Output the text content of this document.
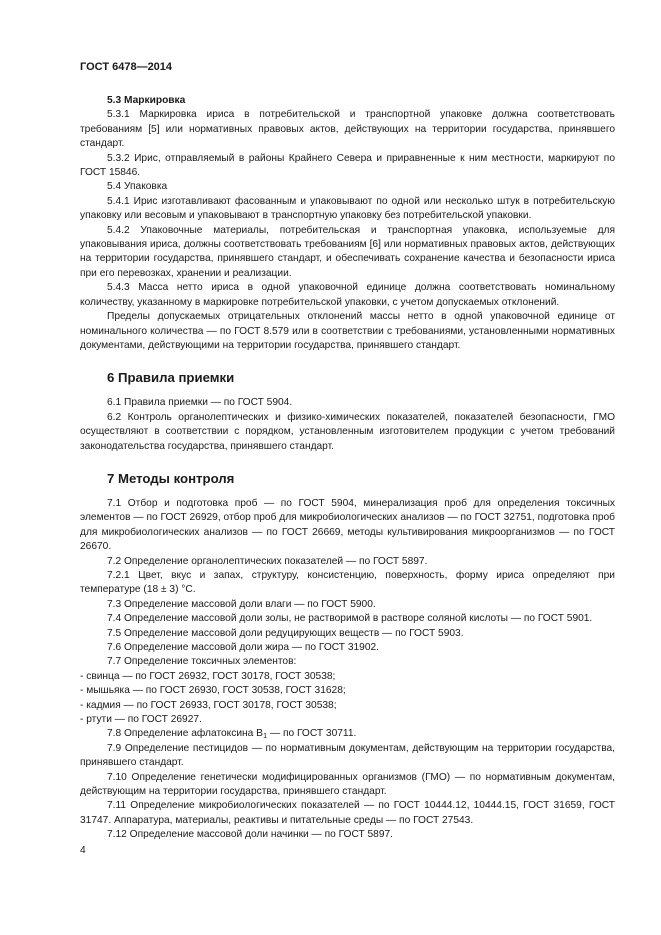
ГОСТ 6478—2014

5.3 Маркировка

5.3.1 Маркировка ириса в потребительской и транспортной упаковке должна соответствовать требованиям [5] или нормативных правовых актов, действующих на территории государства, принявшего стандарт.

5.3.2 Ирис, отправляемый в районы Крайнего Севера и приравненные к ним местности, маркируют по ГОСТ 15846.

5.4 Упаковка

5.4.1 Ирис изготавливают фасованным и упаковывают по одной или несколько штук в потребительскую упаковку или весовым и упаковывают в транспортную упаковку без потребительской упаковки.

5.4.2 Упаковочные материалы, потребительская и транспортная упаковка, используемые для упаковывания ириса, должны соответствовать требованиям [6] или нормативных правовых актов, действующих на территории государства, принявшего стандарт, и обеспечивать сохранение качества и безопасности ириса при его перевозках, хранении и реализации.

5.4.3 Масса нетто ириса в одной упаковочной единице должна соответствовать номинальному количеству, указанному в маркировке потребительской упаковки, с учетом допускаемых отклонений.

Пределы допускаемых отрицательных отклонений массы нетто в одной упаковочной единице от номинального количества — по ГОСТ 8.579 или в соответствии с требованиями, установленными нормативных документами, действующими на территории государства, принявшего стандарт.

6 Правила приемки

6.1 Правила приемки — по ГОСТ 5904.

6.2 Контроль органолептических и физико-химических показателей, показателей безопасности, ГМО осуществляют в соответствии с порядком, установленным изготовителем продукции с учетом требований законодательства государства, принявшего стандарт.

7 Методы контроля

7.1 Отбор и подготовка проб — по ГОСТ 5904, минерализация проб для определения токсичных элементов — по ГОСТ 26929, отбор проб для микробиологических анализов — по ГОСТ 32751, подготовка проб для микробиологических анализов — по ГОСТ 26669, методы культивирования микроорганизмов — по ГОСТ 26670.

7.2 Определение органолептических показателей — по ГОСТ 5897.

7.2.1 Цвет, вкус и запах, структуру, консистенцию, поверхность, форму ириса определяют при температуре (18 ± 3) °С.

7.3 Определение массовой доли влаги — по ГОСТ 5900.

7.4 Определение массовой доли золы, не растворимой в растворе соляной кислоты — по ГОСТ 5901.

7.5 Определение массовой доли редуцирующих веществ — по ГОСТ 5903.

7.6 Определение массовой доли жира — по ГОСТ 31902.

7.7 Определение токсичных элементов:

- свинца — по ГОСТ 26932, ГОСТ 30178, ГОСТ 30538;

- мышьяка — по ГОСТ 26930, ГОСТ 30538, ГОСТ 31628;

- кадмия — по ГОСТ 26933, ГОСТ 30178, ГОСТ 30538;

- ртути — по ГОСТ 26927.

7.8 Определение афлатоксина $В_1$ — по ГОСТ 30711.

7.9 Определение пестицидов — по нормативным документам, действующим на территории государства, принявшего стандарт.

7.10 Определение генетически модифицированных организмов (ГМО) — по нормативным документам, действующим на территории государства, принявшего стандарт.

7.11 Определение микробиологических показателей — по ГОСТ 10444.12, 10444.15, ГОСТ 31659, ГОСТ 31747. Аппаратура, материалы, реактивы и питательные среды — по ГОСТ 27543.

7.12 Определение массовой доли начинки — по ГОСТ 5897.

4
